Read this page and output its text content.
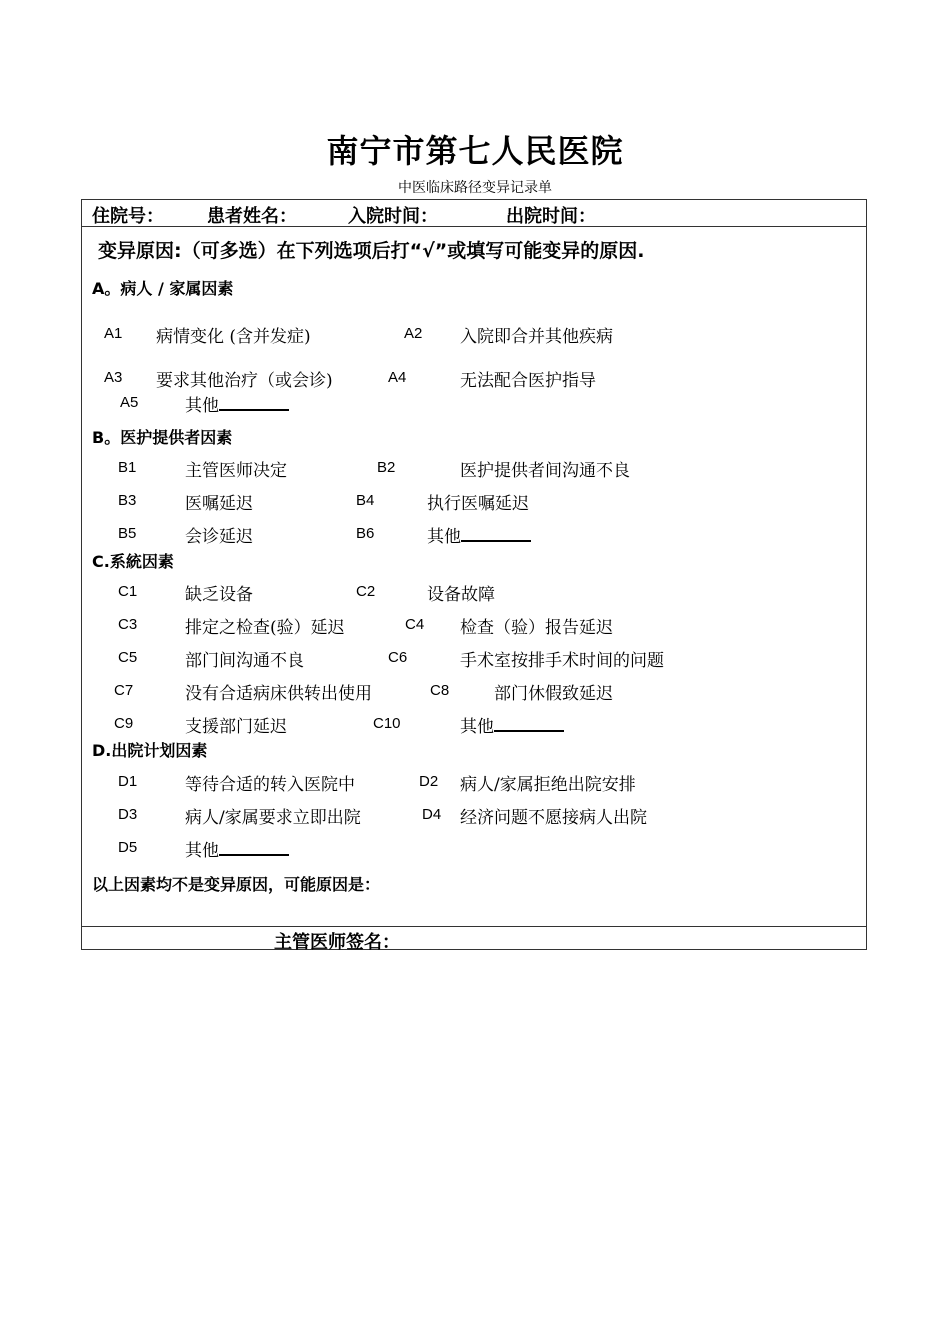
南宁市第七人民医院
中医临床路径变异记录单
住院号： 患者姓名：	入院时间：	出院时间：
变异原因:（可多选）在下列选项后打“√”或填写可能变异的原因.
A。病人 / 家属因素
A1 病情变化 (含并发症)	A2 入院即合并其他疾病
A3 要求其他治疗（或会诊)	A4	无法配合医护指导
A5	其他
B。医护提供者因素
B1	主管医师决定	B2	医护提供者间沟通不良
B3	医嘱延迟	B4	执行医嘱延迟
B5	会诊延迟	B6	其他
C.系統因素
C1	缺乏设备	C2	设备故障
C3	排定之检查(验）延迟	C4 检查（验）报告延迟
C5	部门间沟通不良	C6	手术室按排手术时间的问题
C7	没有合适病床供转出使用	C8	部门休假致延迟
C9	支援部门延迟	C10	其他
D.出院计划因素
D1	等待合适的转入医院中	D2 病人/家属拒绝出院安排
D3	病人/家属要求立即出院	D4 经济问题不愿接病人出院
D5	其他
以上因素均不是变异原因，可能原因是：
主管医师签名：
